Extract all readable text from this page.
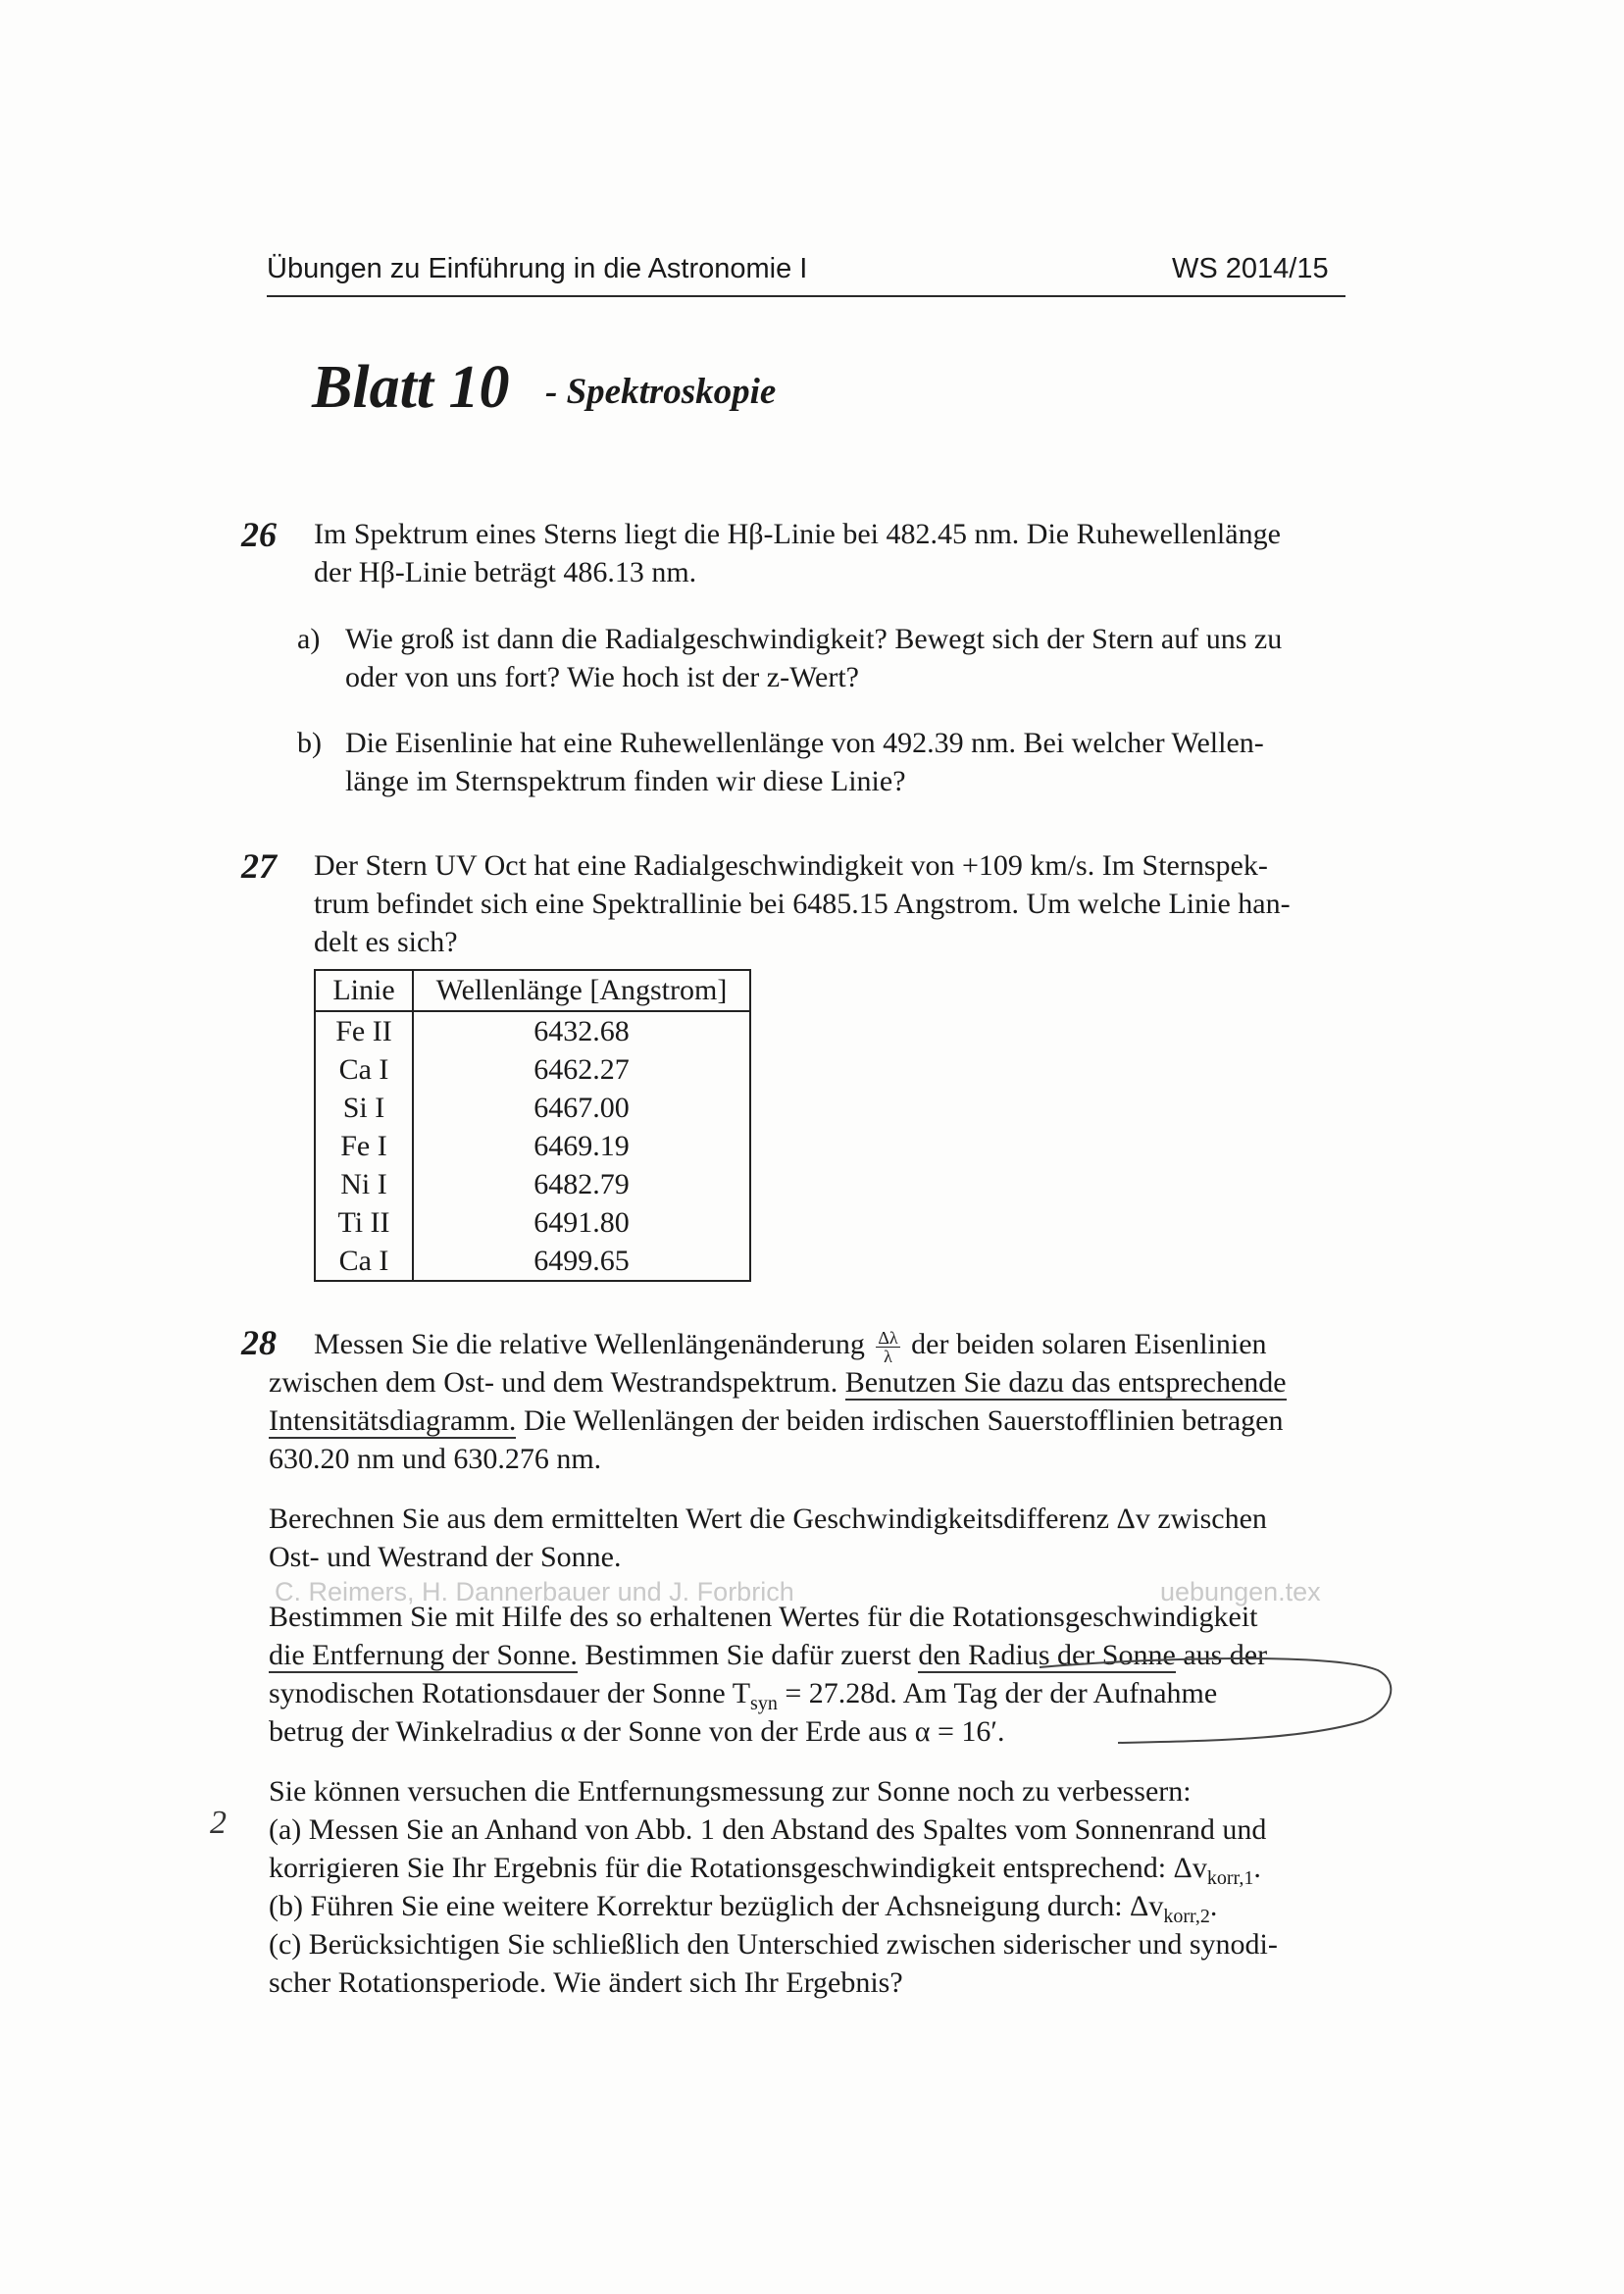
Übungen zu Einführung in die Astronomie I	WS 2014/15
Blatt 10 - Spektroskopie
26 Im Spektrum eines Sterns liegt die Hβ-Linie bei 482.45 nm. Die Ruhewellenlänge
der Hβ-Linie beträgt 486.13 nm.
a) Wie groß ist dann die Radialgeschwindigkeit? Bewegt sich der Stern auf uns zu
oder von uns fort? Wie hoch ist der z-Wert?
b) Die Eisenlinie hat eine Ruhewellenlänge von 492.39 nm. Bei welcher Wellen-
länge im Sternspektrum finden wir diese Linie?
27 Der Stern UV Oct hat eine Radialgeschwindigkeit von +109 km/s. Im Sternspek-
trum befindet sich eine Spektrallinie bei 6485.15 Angstrom. Um welche Linie han-
delt es sich?
Linie	Wellenlänge [Angstrom]
Fe II	6432.68
Ca I	6462.27
Si I	6467.00
Fe I	6469.19
Ni I	6482.79
Ti II	6491.80
Ca I	6499.65
28 Messen Sie die relative Wellenlängenänderung $\frac{\Delta\lambda}{\lambda}$ der beiden solaren Eisenlinien
zwischen dem Ost- und dem Westrandspektrum. Benutzen Sie dazu das entsprechende
Intensitätsdiagramm. Die Wellenlängen der beiden irdischen Sauerstofflinien betragen
630.20 nm und 630.276 nm.
Berechnen Sie aus dem ermittelten Wert die Geschwindigkeitsdifferenz Δv zwischen
Ost- und Westrand der Sonne.
Bestimmen Sie mit Hilfe des so erhaltenen Wertes für die Rotationsgeschwindigkeit
die Entfernung der Sonne. Bestimmen Sie dafür zuerst den Radius der Sonne aus der
synodischen Rotationsdauer der Sonne $T_{syn} = 27.28d$. Am Tag der der Aufnahme
betrug der Winkelradius α der Sonne von der Erde aus α = 16′.
Sie können versuchen die Entfernungsmessung zur Sonne noch zu verbessern:
(a) Messen Sie an Anhand von Abb. 1 den Abstand des Spaltes vom Sonnenrand und
korrigieren Sie Ihr Ergebnis für die Rotationsgeschwindigkeit entsprechend: $\Delta v_{korr,1}$.
(b) Führen Sie eine weitere Korrektur bezüglich der Achsneigung durch: $\Delta v_{korr,2}$.
(c) Berücksichtigen Sie schließlich den Unterschied zwischen siderischer und synodi-
scher Rotationsperiode. Wie ändert sich Ihr Ergebnis?
2
C. Reimers, H. Dannerbauer und J. Forbrich	uebungen.tex
